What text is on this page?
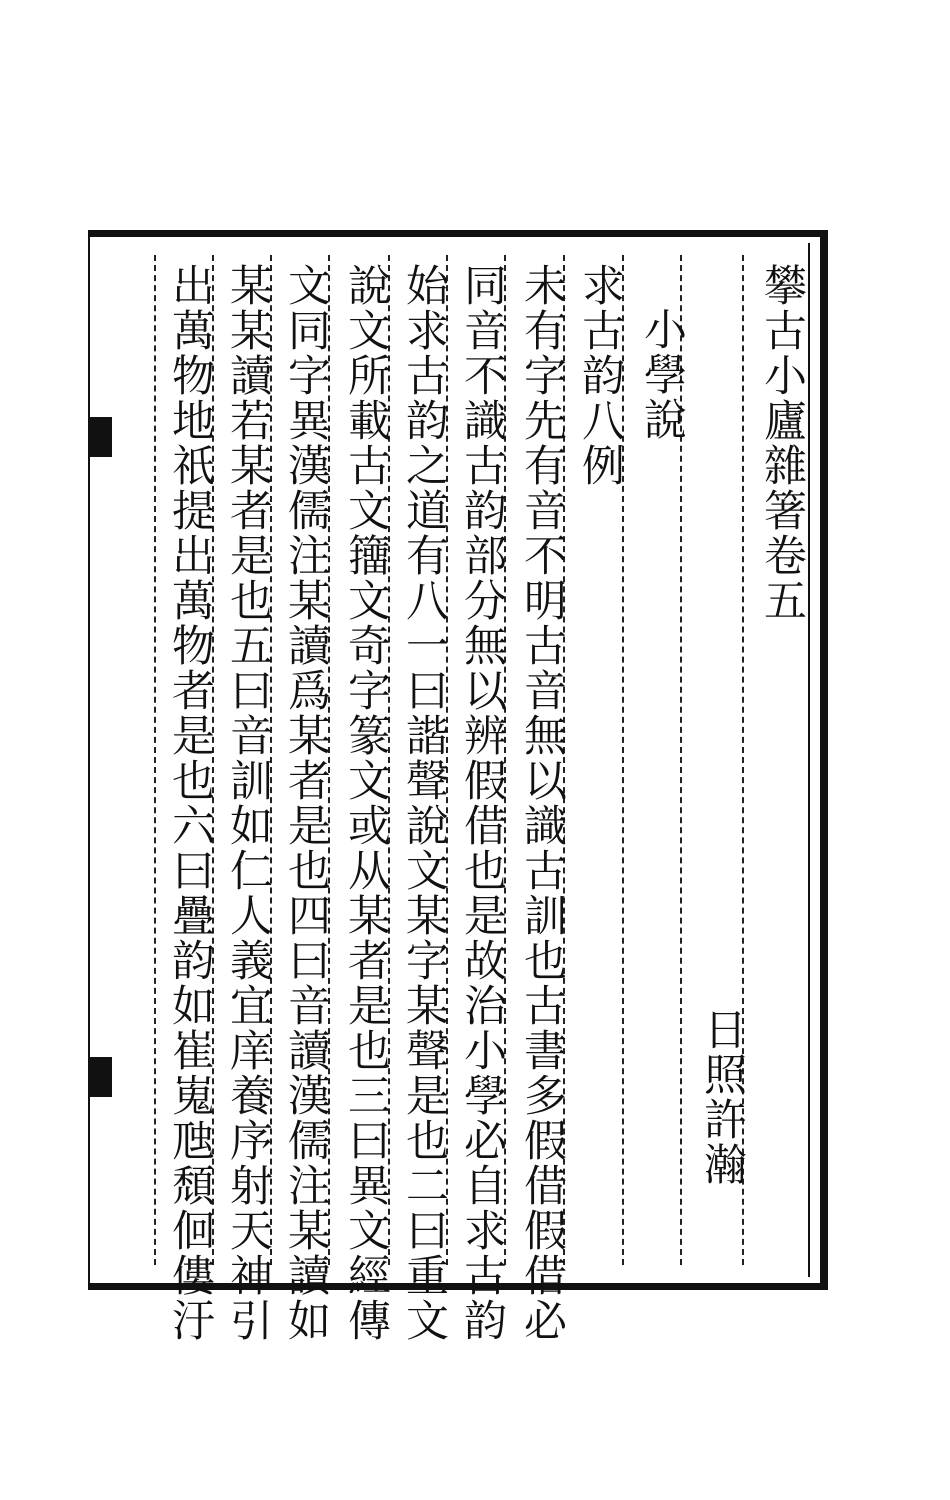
攀古小廬雜箸卷五
小學說
日照許瀚
求古韵八例
未有字先有音不明古音無以識古訓也古書多假借假借必
同音不識古韵部分無以辨假借也是故治小學必自求古韵
始求古韵之道有八一曰諧聲說文某字某聲是也二曰重文
說文所載古文籒文奇字篆文或从某者是也三曰異文經傳
文同字異漢儒注某讀爲某者是也四曰音讀漢儒注某讀如
某某讀若某者是也五曰音訓如仁人義宜庠養序射天神引
出萬物地祇提出萬物者是也六曰疊韵如崔嵬虺頹佪僂汙
